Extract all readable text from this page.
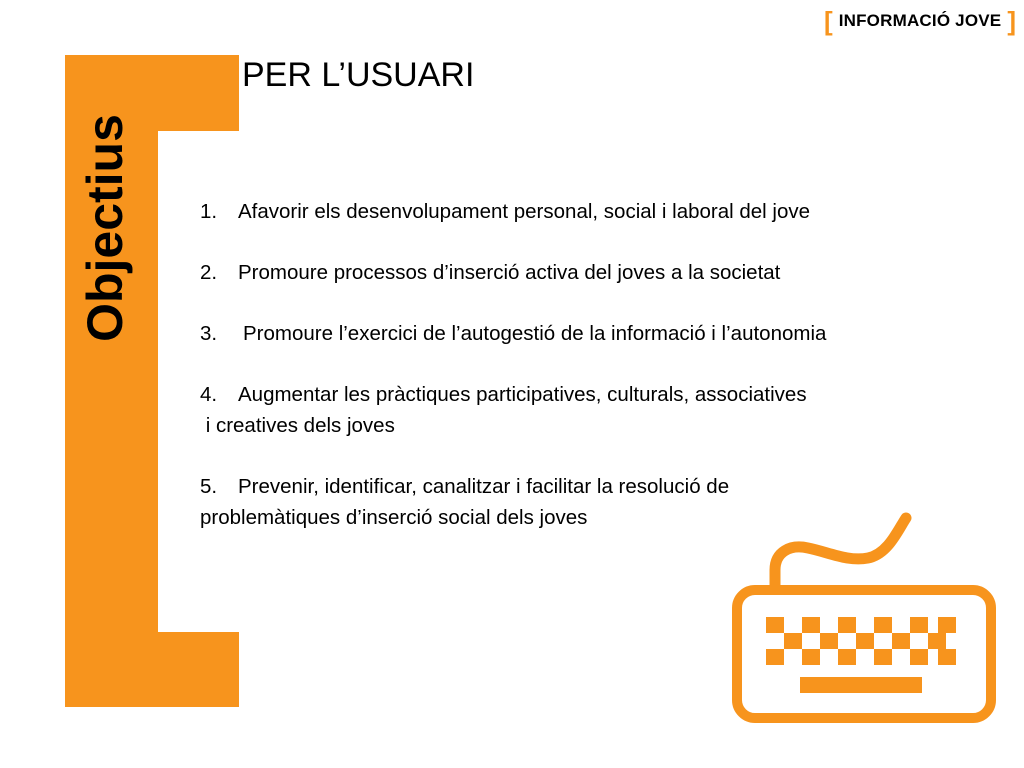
[ INFORMACIÓ JOVE ]
Objectius
PER L’USUARI
1. Afavorir els desenvolupament personal, social i laboral del jove
2. Promoure processos d’inserció activa del joves a la societat
3. Promoure l’exercici de l’autogestió de la informació i l’autonomia
4. Augmentar les pràctiques participatives, culturals, associatives
i creatives dels joves
5. Prevenir, identificar, canalitzar i facilitar la resolució de
problemàtiques d’inserció social dels joves
